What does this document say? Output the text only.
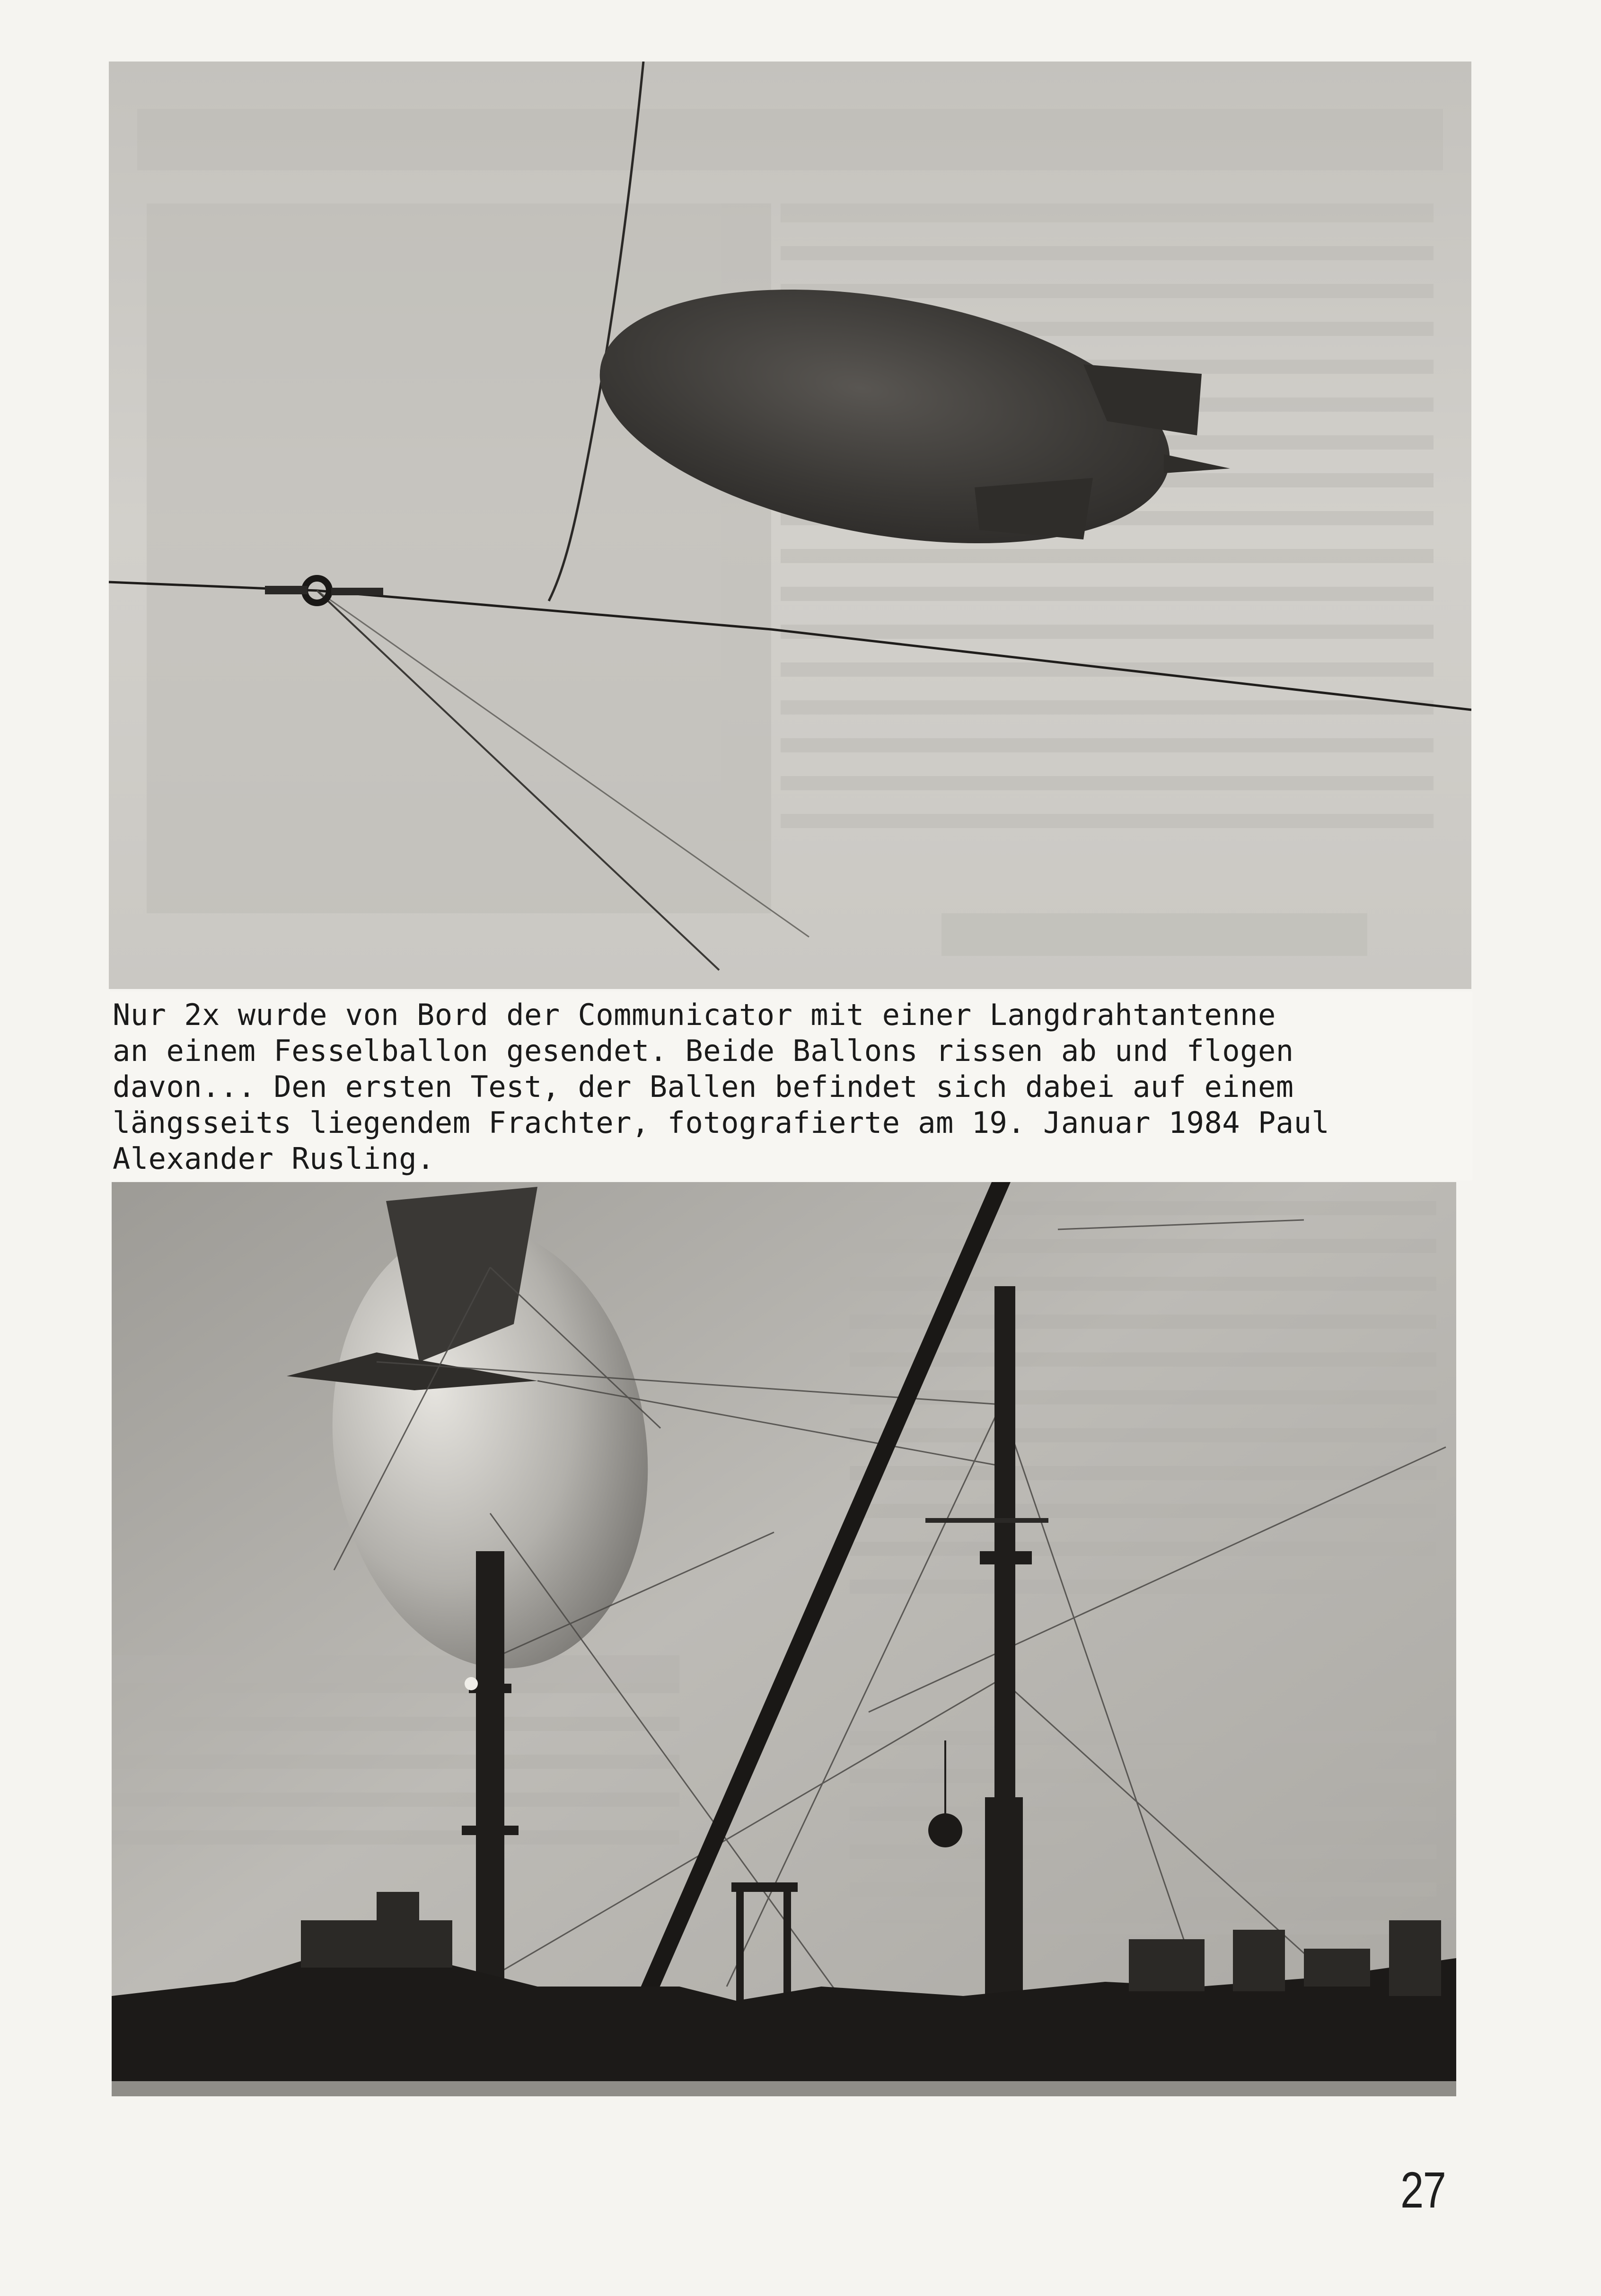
Nur 2x wurde von Bord der Communicator mit einer Langdrahtantenne
an einem Fesselballon gesendet. Beide Ballons rissen ab und flogen
davon... Den ersten Test, der Ballen befindet sich dabei auf einem
längsseits liegendem Frachter, fotografierte am 19. Januar 1984 Paul
Alexander Rusling.

27
